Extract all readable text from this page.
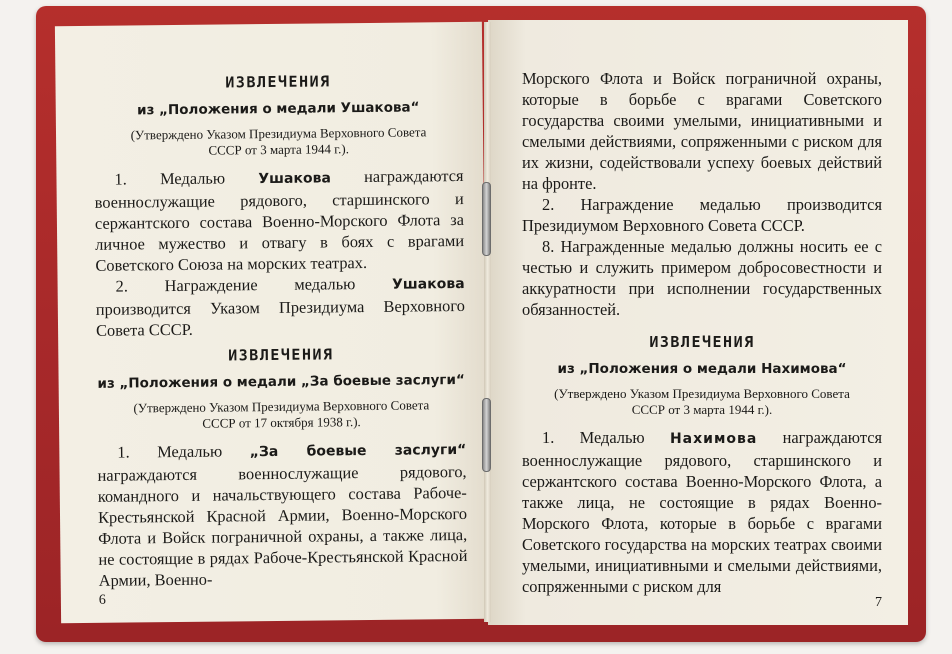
ИЗВЛЕЧЕНИЯ
из „Положения о медали Ушакова“
(Утверждено Указом Президиума Верховного Совета СССР от 3 марта 1944 г.).

1. Медалью Ушакова награждаются военнослужащие рядового, старшинского и сержантского состава Военно-Морского Флота за личное мужество и отвагу в боях с врагами Советского Союза на морских театрах.

2. Награждение медалью Ушакова производится Указом Президиума Верховного Совета СССР.

ИЗВЛЕЧЕНИЯ
из „Положения о медали „За боевые заслуги“
(Утверждено Указом Президиума Верховного Совета СССР от 17 октября 1938 г.).

1. Медалью „За боевые заслуги“ награждаются военнослужащие рядового, командного и начальствующего состава Рабоче-Крестьянской Красной Армии, Военно-Морского Флота и Войск пограничной охраны, а также лица, не состоящие в рядах Рабоче-Крестьянской Красной Армии, Военно-

6

Морского Флота и Войск пограничной охраны, которые в борьбе с врагами Советского государства своими умелыми, инициативными и смелыми действиями, сопряженными с риском для их жизни, содействовали успеху боевых действий на фронте.

2. Награждение медалью производится Президиумом Верховного Совета СССР.

8. Награжденные медалью должны носить ее с честью и служить примером добросовестности и аккуратности при исполнении государственных обязанностей.

ИЗВЛЕЧЕНИЯ
из „Положения о медали Нахимова“
(Утверждено Указом Президиума Верховного Совета СССР от 3 марта 1944 г.).

1. Медалью Нахимова награждаются военнослужащие рядового, старшинского и сержантского состава Военно-Морского Флота, а также лица, не состоящие в рядах Военно-Морского Флота, которые в борьбе с врагами Советского государства на морских театрах своими умелыми, инициативными и смелыми действиями, сопряженными с риском для

7
